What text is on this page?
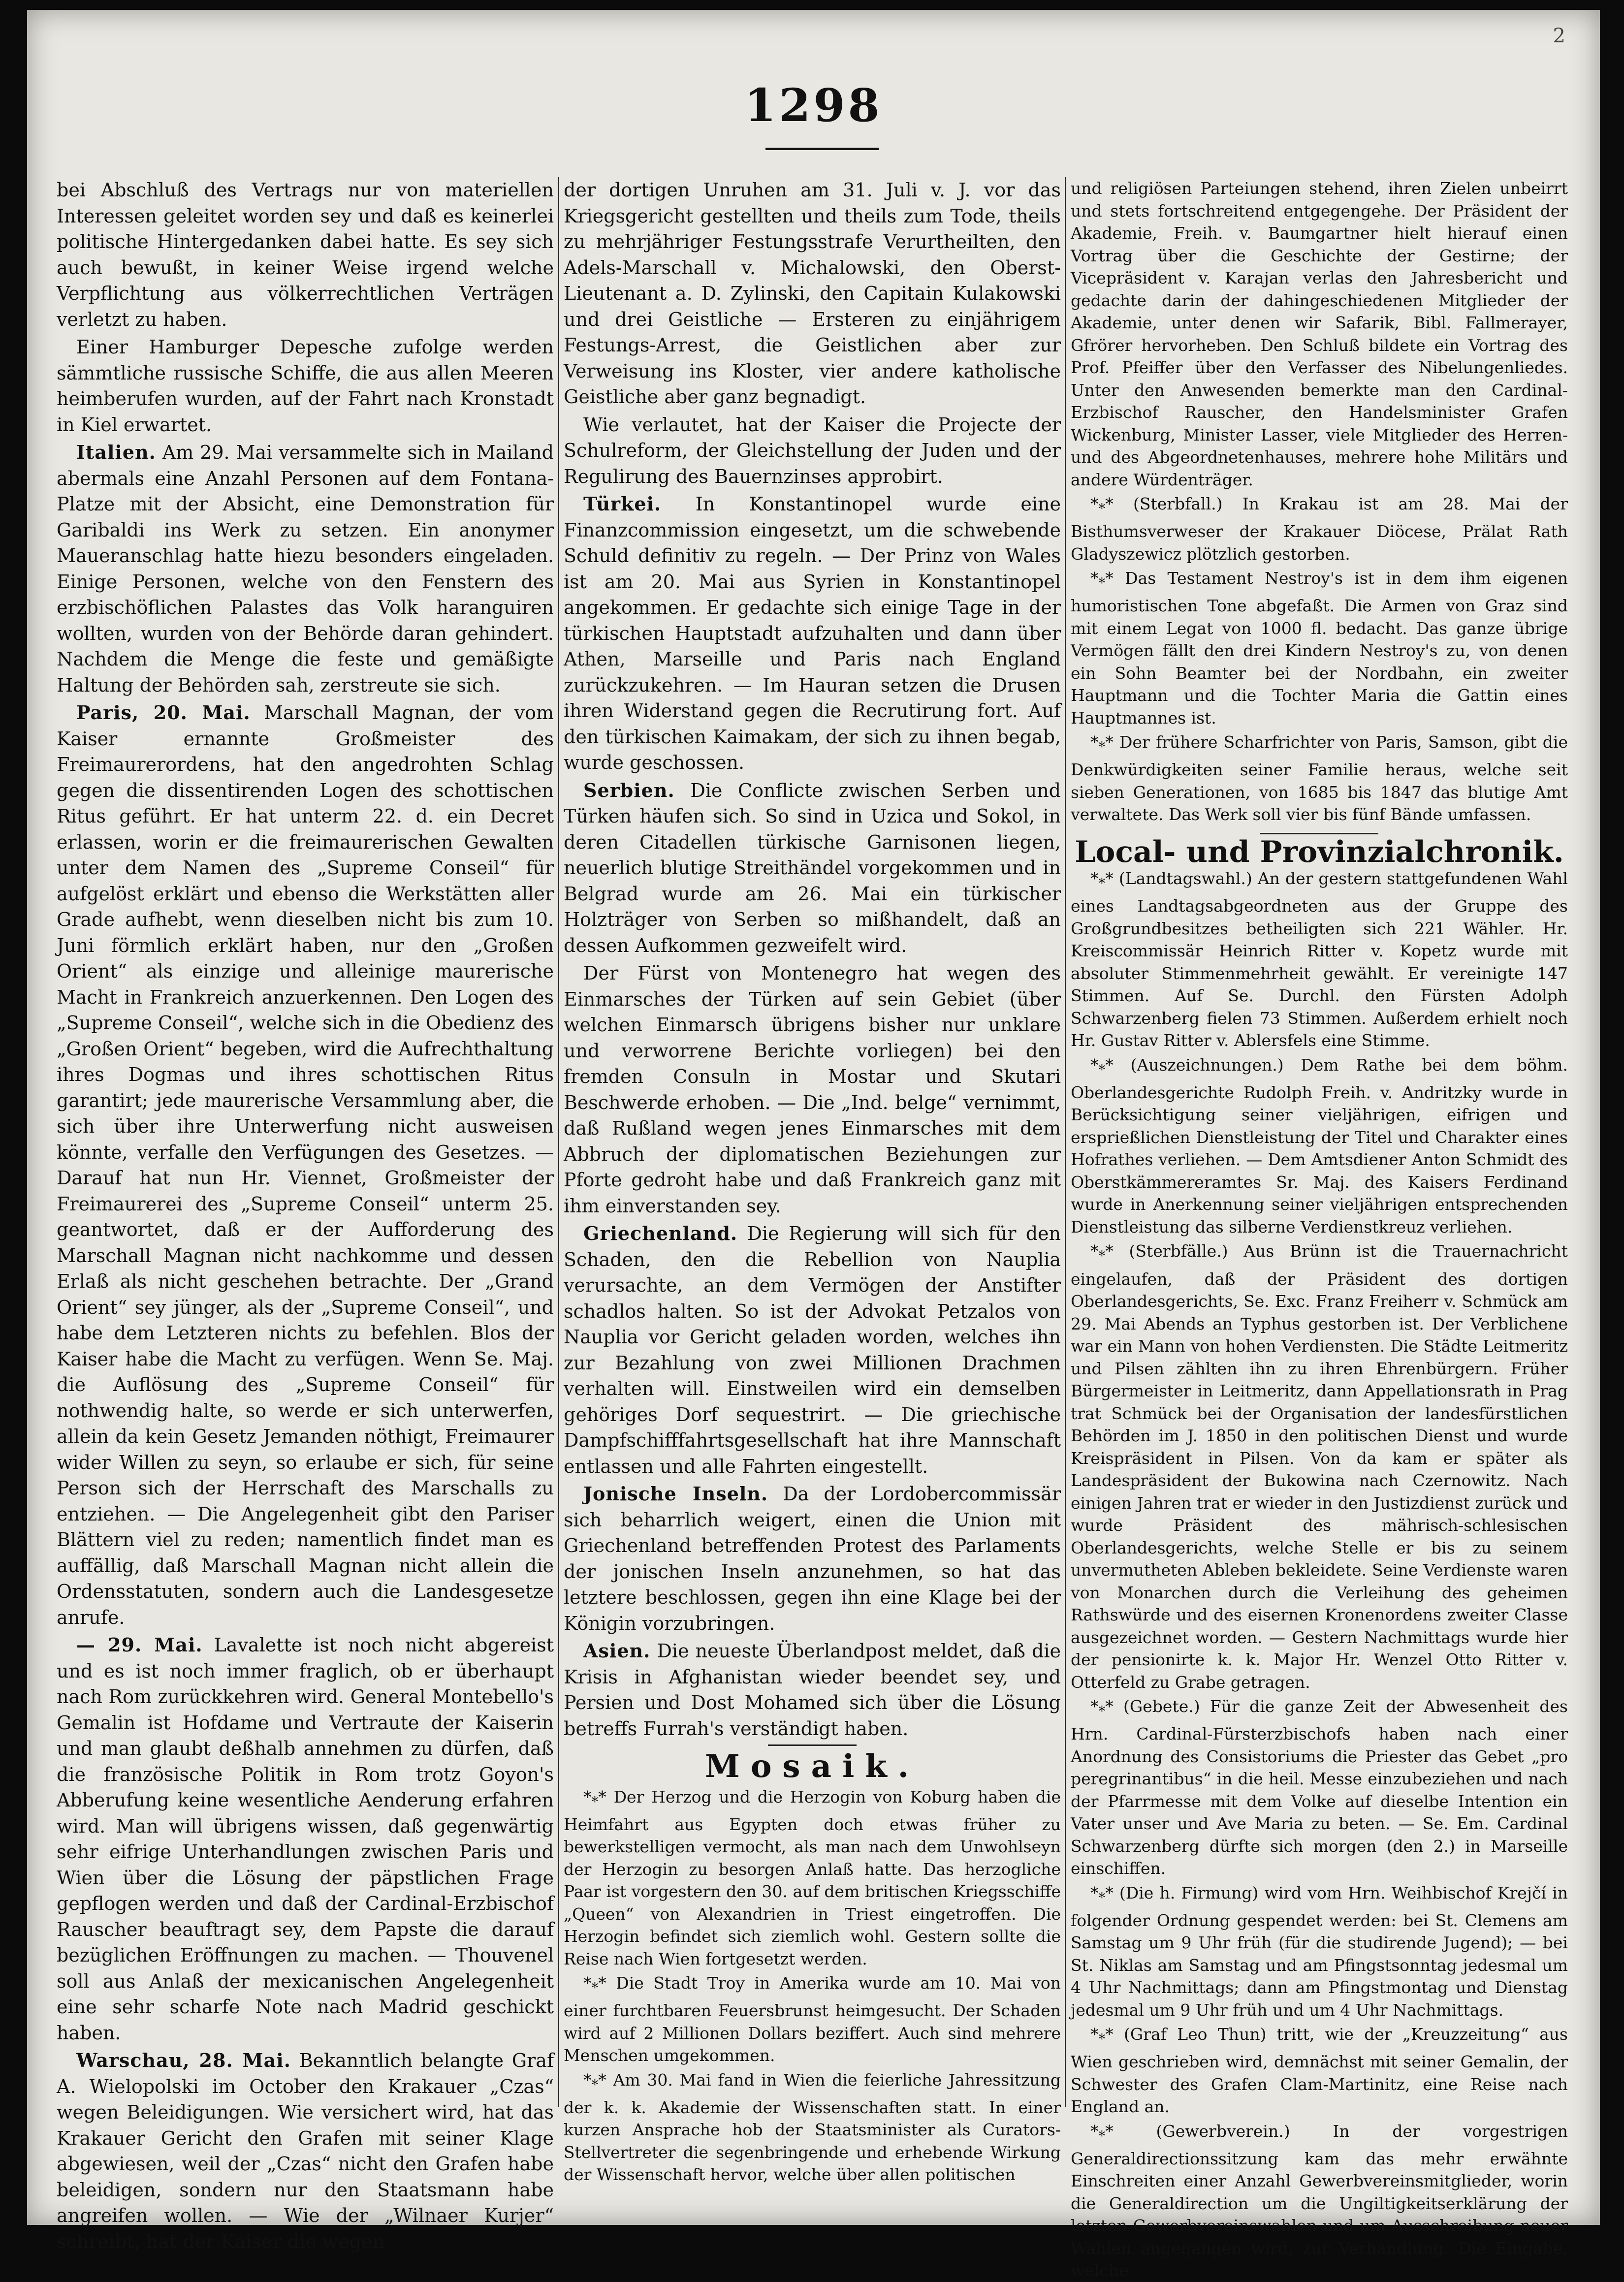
2
1298

bei Abschluß des Vertrags nur von materiellen Interessen geleitet worden sey und daß es keinerlei politische Hintergedanken dabei hatte. Es sey sich auch bewußt, in keiner Weise irgend welche Verpflichtung aus völkerrechtlichen Verträgen verletzt zu haben.

Einer Hamburger Depesche zufolge werden sämmtliche russische Schiffe, die aus allen Meeren heimberufen wurden, auf der Fahrt nach Kronstadt in Kiel erwartet.

Italien. Am 29. Mai versammelte sich in Mailand abermals eine Anzahl Personen auf dem Fontana-Platze mit der Absicht, eine Demonstration für Garibaldi ins Werk zu setzen. Ein anonymer Maueranschlag hatte hiezu besonders eingeladen. Einige Personen, welche von den Fenstern des erzbischöflichen Palastes das Volk haranguiren wollten, wurden von der Behörde daran gehindert. Nachdem die Menge die feste und gemäßigte Haltung der Behörden sah, zerstreute sie sich.

Paris, 20. Mai. Marschall Magnan, der vom Kaiser ernannte Großmeister des Freimaurerordens, hat den angedrohten Schlag gegen die dissentirenden Logen des schottischen Ritus geführt. Er hat unterm 22. d. ein Decret erlassen, worin er die freimaurerischen Gewalten unter dem Namen des „Supreme Conseil“ für aufgelöst erklärt und ebenso die Werkstätten aller Grade aufhebt, wenn dieselben nicht bis zum 10. Juni förmlich erklärt haben, nur den „Großen Orient“ als einzige und alleinige maurerische Macht in Frankreich anzuerkennen. Den Logen des „Supreme Conseil“, welche sich in die Obedienz des „Großen Orient“ begeben, wird die Aufrechthaltung ihres Dogmas und ihres schottischen Ritus garantirt; jede maurerische Versammlung aber, die sich über ihre Unterwerfung nicht ausweisen könnte, verfalle den Verfügungen des Gesetzes. — Darauf hat nun Hr. Viennet, Großmeister der Freimaurerei des „Supreme Conseil“ unterm 25. geantwortet, daß er der Aufforderung des Marschall Magnan nicht nachkomme und dessen Erlaß als nicht geschehen betrachte. Der „Grand Orient“ sey jünger, als der „Supreme Conseil“, und habe dem Letzteren nichts zu befehlen. Blos der Kaiser habe die Macht zu verfügen. Wenn Se. Maj. die Auflösung des „Supreme Conseil“ für nothwendig halte, so werde er sich unterwerfen, allein da kein Gesetz Jemanden nöthigt, Freimaurer wider Willen zu seyn, so erlaube er sich, für seine Person sich der Herrschaft des Marschalls zu entziehen. — Die Angelegenheit gibt den Pariser Blättern viel zu reden; namentlich findet man es auffällig, daß Marschall Magnan nicht allein die Ordensstatuten, sondern auch die Landesgesetze anrufe.

— 29. Mai. Lavalette ist noch nicht abgereist und es ist noch immer fraglich, ob er überhaupt nach Rom zurückkehren wird. General Montebello's Gemalin ist Hofdame und Vertraute der Kaiserin und man glaubt deßhalb annehmen zu dürfen, daß die französische Politik in Rom trotz Goyon's Abberufung keine wesentliche Aenderung erfahren wird. Man will übrigens wissen, daß gegenwärtig sehr eifrige Unterhandlungen zwischen Paris und Wien über die Lösung der päpstlichen Frage gepflogen werden und daß der Cardinal-Erzbischof Rauscher beauftragt sey, dem Papste die darauf bezüglichen Eröffnungen zu machen. — Thouvenel soll aus Anlaß der mexicanischen Angelegenheit eine sehr scharfe Note nach Madrid geschickt haben.

Warschau, 28. Mai. Bekanntlich belangte Graf A. Wielopolski im October den Krakauer „Czas“ wegen Beleidigungen. Wie versichert wird, hat das Krakauer Gericht den Grafen mit seiner Klage abgewiesen, weil der „Czas“ nicht den Grafen habe beleidigen, sondern nur den Staatsmann habe angreifen wollen. — Wie der „Wilnaer Kurjer“ schreibt, hat der Kaiser die wegen

der dortigen Unruhen am 31. Juli v. J. vor das Kriegsgericht gestellten und theils zum Tode, theils zu mehrjähriger Festungsstrafe Verurtheilten, den Adels-Marschall v. Michalowski, den Oberst-Lieutenant a. D. Zylinski, den Capitain Kulakowski und drei Geistliche — Ersteren zu einjährigem Festungs-Arrest, die Geistlichen aber zur Verweisung ins Kloster, vier andere katholische Geistliche aber ganz begnadigt.

Wie verlautet, hat der Kaiser die Projecte der Schulreform, der Gleichstellung der Juden und der Regulirung des Bauernzinses approbirt.

Türkei. In Konstantinopel wurde eine Finanzcommission eingesetzt, um die schwebende Schuld definitiv zu regeln. — Der Prinz von Wales ist am 20. Mai aus Syrien in Konstantinopel angekommen. Er gedachte sich einige Tage in der türkischen Hauptstadt aufzuhalten und dann über Athen, Marseille und Paris nach England zurückzukehren. — Im Hauran setzen die Drusen ihren Widerstand gegen die Recrutirung fort. Auf den türkischen Kaimakam, der sich zu ihnen begab, wurde geschossen.

Serbien. Die Conflicte zwischen Serben und Türken häufen sich. So sind in Uzica und Sokol, in deren Citadellen türkische Garnisonen liegen, neuerlich blutige Streithändel vorgekommen und in Belgrad wurde am 26. Mai ein türkischer Holzträger von Serben so mißhandelt, daß an dessen Aufkommen gezweifelt wird.

Der Fürst von Montenegro hat wegen des Einmarsches der Türken auf sein Gebiet (über welchen Einmarsch übrigens bisher nur unklare und verworrene Berichte vorliegen) bei den fremden Consuln in Mostar und Skutari Beschwerde erhoben. — Die „Ind. belge“ vernimmt, daß Rußland wegen jenes Einmarsches mit dem Abbruch der diplomatischen Beziehungen zur Pforte gedroht habe und daß Frankreich ganz mit ihm einverstanden sey.

Griechenland. Die Regierung will sich für den Schaden, den die Rebellion von Nauplia verursachte, an dem Vermögen der Anstifter schadlos halten. So ist der Advokat Petzalos von Nauplia vor Gericht geladen worden, welches ihn zur Bezahlung von zwei Millionen Drachmen verhalten will. Einstweilen wird ein demselben gehöriges Dorf sequestrirt. — Die griechische Dampfschifffahrtsgesellschaft hat ihre Mannschaft entlassen und alle Fahrten eingestellt.

Jonische Inseln. Da der Lordobercommissär sich beharrlich weigert, einen die Union mit Griechenland betreffenden Protest des Parlaments der jonischen Inseln anzunehmen, so hat das letztere beschlossen, gegen ihn eine Klage bei der Königin vorzubringen.

Asien. Die neueste Überlandpost meldet, daß die Krisis in Afghanistan wieder beendet sey, und Persien und Dost Mohamed sich über die Lösung betreffs Furrah's verständigt haben.

Mosaik.

$*_**$ Der Herzog und die Herzogin von Koburg haben die Heimfahrt aus Egypten doch etwas früher zu bewerkstelligen vermocht, als man nach dem Unwohlseyn der Herzogin zu besorgen Anlaß hatte. Das herzogliche Paar ist vorgestern den 30. auf dem britischen Kriegsschiffe „Queen“ von Alexandrien in Triest eingetroffen. Die Herzogin befindet sich ziemlich wohl. Gestern sollte die Reise nach Wien fortgesetzt werden.

$*_**$ Die Stadt Troy in Amerika wurde am 10. Mai von einer furchtbaren Feuersbrunst heimgesucht. Der Schaden wird auf 2 Millionen Dollars beziffert. Auch sind mehrere Menschen umgekommen.

$*_**$ Am 30. Mai fand in Wien die feierliche Jahressitzung der k. k. Akademie der Wissenschaften statt. In einer kurzen Ansprache hob der Staatsminister als Curators-Stellvertreter die segenbringende und erhebende Wirkung der Wissenschaft hervor, welche über allen politischen

und religiösen Parteiungen stehend, ihren Zielen unbeirrt und stets fortschreitend entgegengehe. Der Präsident der Akademie, Freih. v. Baumgartner hielt hierauf einen Vortrag über die Geschichte der Gestirne; der Vicepräsident v. Karajan verlas den Jahresbericht und gedachte darin der dahingeschiedenen Mitglieder der Akademie, unter denen wir Safarik, Bibl. Fallmerayer, Gfrörer hervorheben. Den Schluß bildete ein Vortrag des Prof. Pfeiffer über den Verfasser des Nibelungenliedes. Unter den Anwesenden bemerkte man den Cardinal-Erzbischof Rauscher, den Handelsminister Grafen Wickenburg, Minister Lasser, viele Mitglieder des Herren- und des Abgeordnetenhauses, mehrere hohe Militärs und andere Würdenträger.

$*_**$ (Sterbfall.) In Krakau ist am 28. Mai der Bisthumsverweser der Krakauer Diöcese, Prälat Rath Gladyszewicz plötzlich gestorben.

$*_**$ Das Testament Nestroy's ist in dem ihm eigenen humoristischen Tone abgefaßt. Die Armen von Graz sind mit einem Legat von 1000 fl. bedacht. Das ganze übrige Vermögen fällt den drei Kindern Nestroy's zu, von denen ein Sohn Beamter bei der Nordbahn, ein zweiter Hauptmann und die Tochter Maria die Gattin eines Hauptmannes ist.

$*_**$ Der frühere Scharfrichter von Paris, Samson, gibt die Denkwürdigkeiten seiner Familie heraus, welche seit sieben Generationen, von 1685 bis 1847 das blutige Amt verwaltete. Das Werk soll vier bis fünf Bände umfassen.

Local- und Provinzialchronik.

$*_**$ (Landtagswahl.) An der gestern stattgefundenen Wahl eines Landtagsabgeordneten aus der Gruppe des Großgrundbesitzes betheiligten sich 221 Wähler. Hr. Kreiscommissär Heinrich Ritter v. Kopetz wurde mit absoluter Stimmenmehrheit gewählt. Er vereinigte 147 Stimmen. Auf Se. Durchl. den Fürsten Adolph Schwarzenberg fielen 73 Stimmen. Außerdem erhielt noch Hr. Gustav Ritter v. Ablersfels eine Stimme.

$*_**$ (Auszeichnungen.) Dem Rathe bei dem böhm. Oberlandesgerichte Rudolph Freih. v. Andritzky wurde in Berücksichtigung seiner vieljährigen, eifrigen und ersprießlichen Dienstleistung der Titel und Charakter eines Hofrathes verliehen. — Dem Amtsdiener Anton Schmidt des Oberstkämmereramtes Sr. Maj. des Kaisers Ferdinand wurde in Anerkennung seiner vieljährigen entsprechenden Dienstleistung das silberne Verdienstkreuz verliehen.

$*_**$ (Sterbfälle.) Aus Brünn ist die Trauernachricht eingelaufen, daß der Präsident des dortigen Oberlandesgerichts, Se. Exc. Franz Freiherr v. Schmück am 29. Mai Abends an Typhus gestorben ist. Der Verblichene war ein Mann von hohen Verdiensten. Die Städte Leitmeritz und Pilsen zählten ihn zu ihren Ehrenbürgern. Früher Bürgermeister in Leitmeritz, dann Appellationsrath in Prag trat Schmück bei der Organisation der landesfürstlichen Behörden im J. 1850 in den politischen Dienst und wurde Kreispräsident in Pilsen. Von da kam er später als Landespräsident der Bukowina nach Czernowitz. Nach einigen Jahren trat er wieder in den Justizdienst zurück und wurde Präsident des mährisch-schlesischen Oberlandesgerichts, welche Stelle er bis zu seinem unvermutheten Ableben bekleidete. Seine Verdienste waren von Monarchen durch die Verleihung des geheimen Rathswürde und des eisernen Kronenordens zweiter Classe ausgezeichnet worden. — Gestern Nachmittags wurde hier der pensionirte k. k. Major Hr. Wenzel Otto Ritter v. Otterfeld zu Grabe getragen.

$*_**$ (Gebete.) Für die ganze Zeit der Abwesenheit des Hrn. Cardinal-Fürsterzbischofs haben nach einer Anordnung des Consistoriums die Priester das Gebet „pro peregrinantibus“ in die heil. Messe einzubeziehen und nach der Pfarrmesse mit dem Volke auf dieselbe Intention ein Vater unser und Ave Maria zu beten. — Se. Em. Cardinal Schwarzenberg dürfte sich morgen (den 2.) in Marseille einschiffen.

$*_**$ (Die h. Firmung) wird vom Hrn. Weihbischof Krejčí in folgender Ordnung gespendet werden: bei St. Clemens am Samstag um 9 Uhr früh (für die studirende Jugend); — bei St. Niklas am Samstag und am Pfingstsonntag jedesmal um 4 Uhr Nachmittags; dann am Pfingstmontag und Dienstag jedesmal um 9 Uhr früh und um 4 Uhr Nachmittags.

$*_**$ (Graf Leo Thun) tritt, wie der „Kreuzzeitung“ aus Wien geschrieben wird, demnächst mit seiner Gemalin, der Schwester des Grafen Clam-Martinitz, eine Reise nach England an.

$*_**$ (Gewerbverein.) In der vorgestrigen Generaldirectionssitzung kam das mehr erwähnte Einschreiten einer Anzahl Gewerbvereinsmitglieder, worin die Generaldirection um die Ungiltigkeitserklärung der letzten Gewerbvereinswahlen und um Ausschreibung neuer Wahlen angegangen wird, zur Verhandlung. Die Eingabe, welche
